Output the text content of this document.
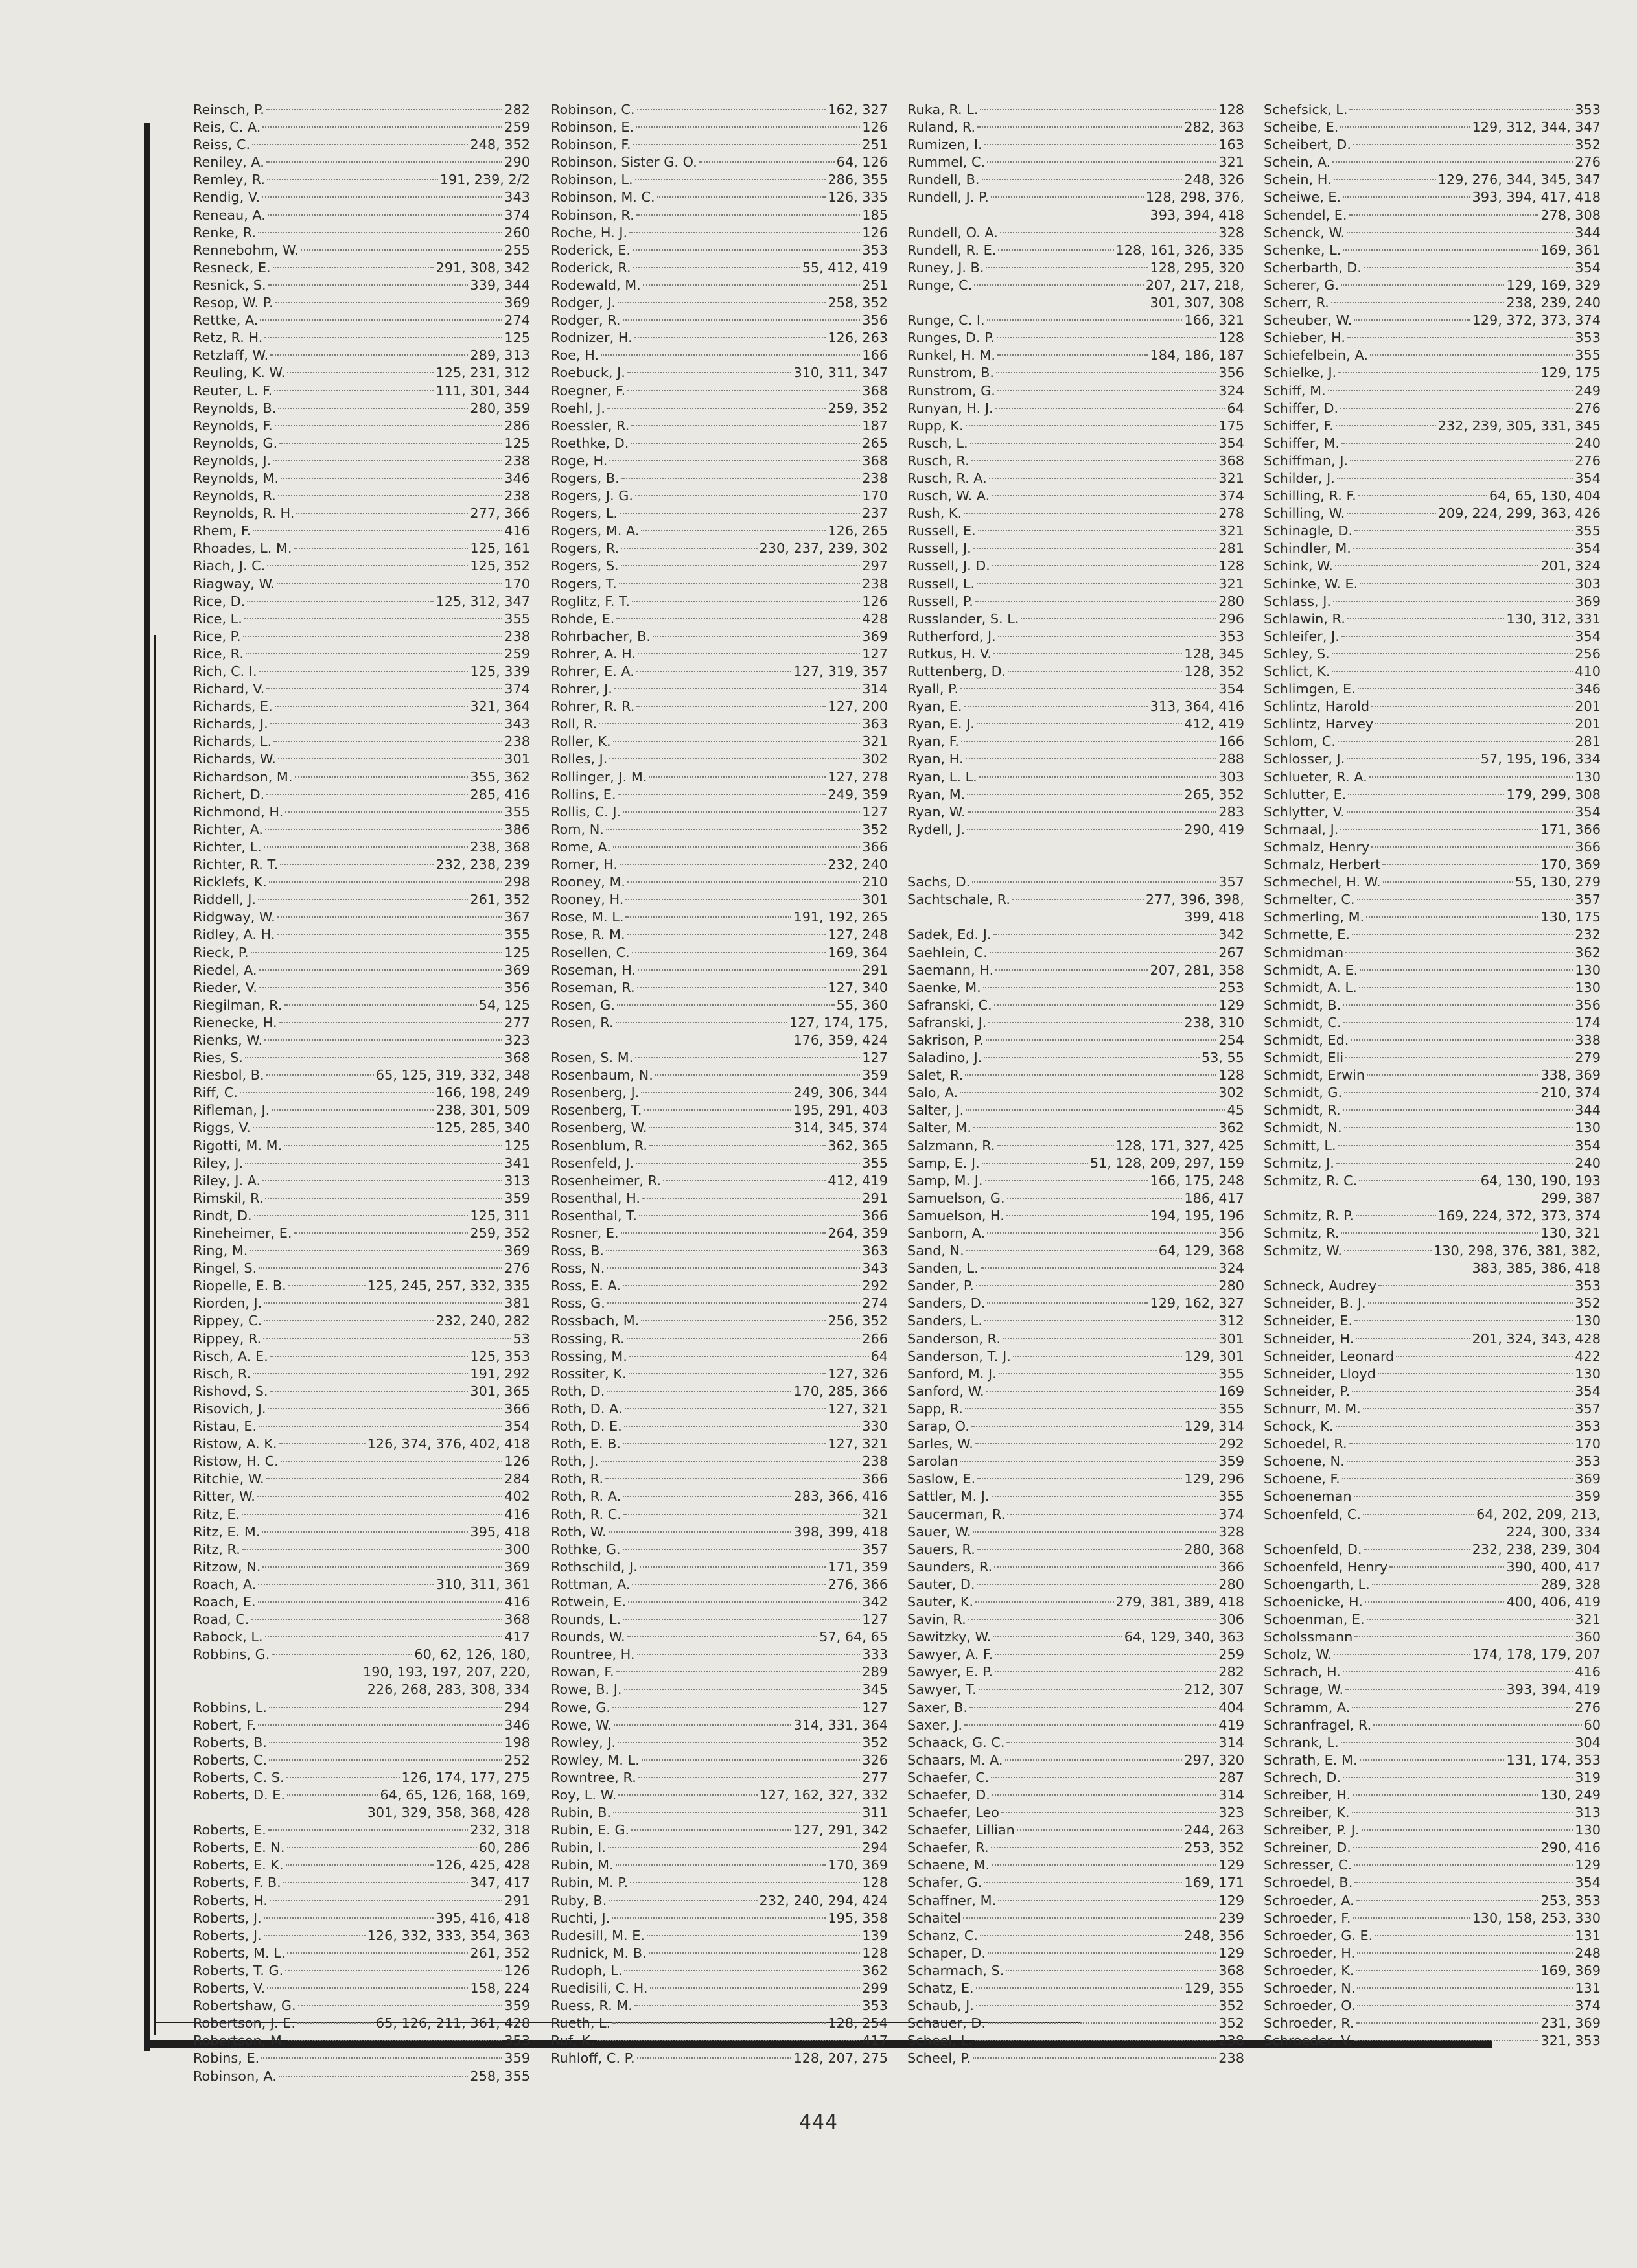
Reinsch, P.	282
Reis, C. A.	259
Reiss, C.	248, 352
Reniley, A.	290
Remley, R.	191, 239, 2/2
Rendig, V.	343
Reneau, A.	374
Renke, R.	260
Rennebohm, W.	255
Resneck, E.	291, 308, 342
Resnick, S.	339, 344
Resop, W. P.	369
Rettke, A.	274
Retz, R. H.	125
Retzlaff, W.	289, 313
Reuling, K. W.	125, 231, 312
Reuter, L. F.	111, 301, 344
Reynolds, B.	280, 359
Reynolds, F.	286
Reynolds, G.	125
Reynolds, J.	238
Reynolds, M.	346
Reynolds, R.	238
Reynolds, R. H.	277, 366
Rhem, F.	416
Rhoades, L. M.	125, 161
Riach, J. C.	125, 352
Riagway, W.	170
Rice, D.	125, 312, 347
Rice, L.	355
Rice, P.	238
Rice, R.	259
Rich, C. I.	125, 339
Richard, V.	374
Richards, E.	321, 364
Richards, J.	343
Richards, L.	238
Richards, W.	301
Richardson, M.	355, 362
Richert, D.	285, 416
Richmond, H.	355
Richter, A.	386
Richter, L.	238, 368
Richter, R. T.	232, 238, 239
Ricklefs, K.	298
Riddell, J.	261, 352
Ridgway, W.	367
Ridley, A. H.	355
Rieck, P.	125
Riedel, A.	369
Rieder, V.	356
Riegilman, R.	54, 125
Rienecke, H.	277
Rienks, W.	323
Ries, S.	368
Riesbol, B.	65, 125, 319, 332, 348
Riff, C.	166, 198, 249
Rifleman, J.	238, 301, 509
Riggs, V.	125, 285, 340
Rigotti, M. M.	125
Riley, J.	341
Riley, J. A.	313
Rimskil, R.	359
Rindt, D.	125, 311
Rineheimer, E.	259, 352
Ring, M.	369
Ringel, S.	276
Riopelle, E. B.	125, 245, 257, 332, 335
Riorden, J.	381
Rippey, C.	232, 240, 282
Rippey, R.	53
Risch, A. E.	125, 353
Risch, R.	191, 292
Rishovd, S.	301, 365
Risovich, J.	366
Ristau, E.	354
Ristow, A. K.	126, 374, 376, 402, 418
Ristow, H. C.	126
Ritchie, W.	284
Ritter, W.	402
Ritz, E.	416
Ritz, E. M.	395, 418
Ritz, R.	300
Ritzow, N.	369
Roach, A.	310, 311, 361
Roach, E.	416
Road, C.	368
Rabock, L.	417
Robbins, G.	60, 62, 126, 180,
190, 193, 197, 207, 220,
226, 268, 283, 308, 334
Robbins, L.	294
Robert, F.	346
Roberts, B.	198
Roberts, C.	252
Roberts, C. S.	126, 174, 177, 275
Roberts, D. E.	64, 65, 126, 168, 169,
301, 329, 358, 368, 428
Roberts, E.	232, 318
Roberts, E. N.	60, 286
Roberts, E. K.	126, 425, 428
Roberts, F. B.	347, 417
Roberts, H.	291
Roberts, J.	395, 416, 418
Roberts, J.	126, 332, 333, 354, 363
Roberts, M. L.	261, 352
Roberts, T. G.	126
Roberts, V.	158, 224
Robertshaw, G.	359
Robertson, J. E.	65, 126, 211, 361, 428
Robertson, M.	353
Robins, E.	359
Robinson, A.	258, 355
Robinson, C.	162, 327
Robinson, E.	126
Robinson, F.	251
Robinson, Sister G. O.	64, 126
Robinson, L.	286, 355
Robinson, M. C.	126, 335
Robinson, R.	185
Roche, H. J.	126
Roderick, E.	353
Roderick, R.	55, 412, 419
Rodewald, M.	251
Rodger, J.	258, 352
Rodger, R.	356
Rodnizer, H.	126, 263
Roe, H.	166
Roebuck, J.	310, 311, 347
Roegner, F.	368
Roehl, J.	259, 352
Roessler, R.	187
Roethke, D.	265
Roge, H.	368
Rogers, B.	238
Rogers, J. G.	170
Rogers, L.	237
Rogers, M. A.	126, 265
Rogers, R.	230, 237, 239, 302
Rogers, S.	297
Rogers, T.	238
Roglitz, F. T.	126
Rohde, E.	428
Rohrbacher, B.	369
Rohrer, A. H.	127
Rohrer, E. A.	127, 319, 357
Rohrer, J.	314
Rohrer, R. R.	127, 200
Roll, R.	363
Roller, K.	321
Rolles, J.	302
Rollinger, J. M.	127, 278
Rollins, E.	249, 359
Rollis, C. J.	127
Rom, N.	352
Rome, A.	366
Romer, H.	232, 240
Rooney, M.	210
Rooney, H.	301
Rose, M. L.	191, 192, 265
Rose, R. M.	127, 248
Rosellen, C.	169, 364
Roseman, H.	291
Roseman, R.	127, 340
Rosen, G.	55, 360
Rosen, R.	127, 174, 175,
176, 359, 424
Rosen, S. M.	127
Rosenbaum, N.	359
Rosenberg, J.	249, 306, 344
Rosenberg, T.	195, 291, 403
Rosenberg, W.	314, 345, 374
Rosenblum, R.	362, 365
Rosenfeld, J.	355
Rosenheimer, R.	412, 419
Rosenthal, H.	291
Rosenthal, T.	366
Rosner, E.	264, 359
Ross, B.	363
Ross, N.	343
Ross, E. A.	292
Ross, G.	274
Rossbach, M.	256, 352
Rossing, R.	266
Rossing, M.	64
Rossiter, K.	127, 326
Roth, D.	170, 285, 366
Roth, D. A.	127, 321
Roth, D. E.	330
Roth, E. B.	127, 321
Roth, J.	238
Roth, R.	366
Roth, R. A.	283, 366, 416
Roth, R. C.	321
Roth, W.	398, 399, 418
Rothke, G.	357
Rothschild, J.	171, 359
Rottman, A.	276, 366
Rotwein, E.	342
Rounds, L.	127
Rounds, W.	57, 64, 65
Rountree, H.	333
Rowan, F.	289
Rowe, B. J.	345
Rowe, G.	127
Rowe, W.	314, 331, 364
Rowley, J.	352
Rowley, M. L.	326
Rowntree, R.	277
Roy, L. W.	127, 162, 327, 332
Rubin, B.	311
Rubin, E. G.	127, 291, 342
Rubin, I.	294
Rubin, M.	170, 369
Rubin, M. P.	128
Ruby, B.	232, 240, 294, 424
Ruchti, J.	195, 358
Rudesill, M. E.	139
Rudnick, M. B.	128
Rudoph, L.	362
Ruedisili, C. H.	299
Ruess, R. M.	353
Rueth, L.	128, 254
Ruf, K.	417
Ruhloff, C. P.	128, 207, 275
Ruka, R. L.	128
Ruland, R.	282, 363
Rumizen, I.	163
Rummel, C.	321
Rundell, B.	248, 326
Rundell, J. P.	128, 298, 376,
393, 394, 418
Rundell, O. A.	328
Rundell, R. E.	128, 161, 326, 335
Runey, J. B.	128, 295, 320
Runge, C.	207, 217, 218,
301, 307, 308
Runge, C. I.	166, 321
Runges, D. P.	128
Runkel, H. M.	184, 186, 187
Runstrom, B.	356
Runstrom, G.	324
Runyan, H. J.	64
Rupp, K.	175
Rusch, L.	354
Rusch, R.	368
Rusch, R. A.	321
Rusch, W. A.	374
Rush, K.	278
Russell, E.	321
Russell, J.	281
Russell, J. D.	128
Russell, L.	321
Russell, P.	280
Russlander, S. L.	296
Rutherford, J.	353
Rutkus, H. V.	128, 345
Ruttenberg, D.	128, 352
Ryall, P.	354
Ryan, E.	313, 364, 416
Ryan, E. J.	412, 419
Ryan, F.	166
Ryan, H.	288
Ryan, L. L.	303
Ryan, M.	265, 352
Ryan, W.	283
Rydell, J.	290, 419
Sachs, D.	357
Sachtschale, R.	277, 396, 398,
399, 418
Sadek, Ed. J.	342
Saehlein, C.	267
Saemann, H.	207, 281, 358
Saenke, M.	253
Safranski, C.	129
Safranski, J.	238, 310
Sakrison, P.	254
Saladino, J.	53, 55
Salet, R.	128
Salo, A.	302
Salter, J.	45
Salter, M.	362
Salzmann, R.	128, 171, 327, 425
Samp, E. J.	51, 128, 209, 297, 159
Samp, M. J.	166, 175, 248
Samuelson, G.	186, 417
Samuelson, H.	194, 195, 196
Sanborn, A.	356
Sand, N.	64, 129, 368
Sanden, L.	324
Sander, P.	280
Sanders, D.	129, 162, 327
Sanders, L.	312
Sanderson, R.	301
Sanderson, T. J.	129, 301
Sanford, M. J.	355
Sanford, W.	169
Sapp, R.	355
Sarap, O.	129, 314
Sarles, W.	292
Sarolan	359
Saslow, E.	129, 296
Sattler, M. J.	355
Saucerman, R.	374
Sauer, W.	328
Sauers, R.	280, 368
Saunders, R.	366
Sauter, D.	280
Sauter, K.	279, 381, 389, 418
Savin, R.	306
Sawitzky, W.	64, 129, 340, 363
Sawyer, A. F.	259
Sawyer, E. P.	282
Sawyer, T.	212, 307
Saxer, B.	404
Saxer, J.	419
Schaack, G. C.	314
Schaars, M. A.	297, 320
Schaefer, C.	287
Schaefer, D.	314
Schaefer, Leo	323
Schaefer, Lillian	244, 263
Schaefer, R.	253, 352
Schaene, M.	129
Schafer, G.	169, 171
Schaffner, M.	129
Schaitel	239
Schanz, C.	248, 356
Schaper, D.	129
Scharmach, S.	368
Schatz, E.	129, 355
Schaub, J.	352
Schauer, D.	352
Scheel, L.	238
Scheel, P.	238
Schefsick, L.	353
Scheibe, E.	129, 312, 344, 347
Scheibert, D.	352
Schein, A.	276
Schein, H.	129, 276, 344, 345, 347
Scheiwe, E.	393, 394, 417, 418
Schendel, E.	278, 308
Schenck, W.	344
Schenke, L.	169, 361
Scherbarth, D.	354
Scherer, G.	129, 169, 329
Scherr, R.	238, 239, 240
Scheuber, W.	129, 372, 373, 374
Schieber, H.	353
Schiefelbein, A.	355
Schielke, J.	129, 175
Schiff, M.	249
Schiffer, D.	276
Schiffer, F.	232, 239, 305, 331, 345
Schiffer, M.	240
Schiffman, J.	276
Schilder, J.	354
Schilling, R. F.	64, 65, 130, 404
Schilling, W.	209, 224, 299, 363, 426
Schinagle, D.	355
Schindler, M.	354
Schink, W.	201, 324
Schinke, W. E.	303
Schlass, J.	369
Schlawin, R.	130, 312, 331
Schleifer, J.	354
Schley, S.	256
Schlict, K.	410
Schlimgen, E.	346
Schlintz, Harold	201
Schlintz, Harvey	201
Schlom, C.	281
Schlosser, J.	57, 195, 196, 334
Schlueter, R. A.	130
Schlutter, E.	179, 299, 308
Schlytter, V.	354
Schmaal, J.	171, 366
Schmalz, Henry	366
Schmalz, Herbert	170, 369
Schmechel, H. W.	55, 130, 279
Schmelter, C.	357
Schmerling, M.	130, 175
Schmette, E.	232
Schmidman	362
Schmidt, A. E.	130
Schmidt, A. L.	130
Schmidt, B.	356
Schmidt, C.	174
Schmidt, Ed.	338
Schmidt, Eli	279
Schmidt, Erwin	338, 369
Schmidt, G.	210, 374
Schmidt, R.	344
Schmidt, N.	130
Schmitt, L.	354
Schmitz, J.	240
Schmitz, R. C.	64, 130, 190, 193
299, 387
Schmitz, R. P.	169, 224, 372, 373, 374
Schmitz, R.	130, 321
Schmitz, W.	130, 298, 376, 381, 382,
383, 385, 386, 418
Schneck, Audrey	353
Schneider, B. J.	352
Schneider, E.	130
Schneider, H.	201, 324, 343, 428
Schneider, Leonard	422
Schneider, Lloyd	130
Schneider, P.	354
Schnurr, M. M.	357
Schock, K.	353
Schoedel, R.	170
Schoene, N.	353
Schoene, F.	369
Schoeneman	359
Schoenfeld, C.	64, 202, 209, 213,
224, 300, 334
Schoenfeld, D.	232, 238, 239, 304
Schoenfeld, Henry	390, 400, 417
Schoengarth, L.	289, 328
Schoenicke, H.	400, 406, 419
Schoenman, E.	321
Scholssmann	360
Scholz, W.	174, 178, 179, 207
Schrach, H.	416
Schrage, W.	393, 394, 419
Schramm, A.	276
Schranfragel, R.	60
Schrank, L.	304
Schrath, E. M.	131, 174, 353
Schrech, D.	319
Schreiber, H.	130, 249
Schreiber, K.	313
Schreiber, P. J.	130
Schreiner, D.	290, 416
Schresser, C.	129
Schroedel, B.	354
Schroeder, A.	253, 353
Schroeder, F.	130, 158, 253, 330
Schroeder, G. E.	131
Schroeder, H.	248
Schroeder, K.	169, 369
Schroeder, N.	131
Schroeder, O.	374
Schroeder, R.	231, 369
Schroeder, V.	321, 353
444
